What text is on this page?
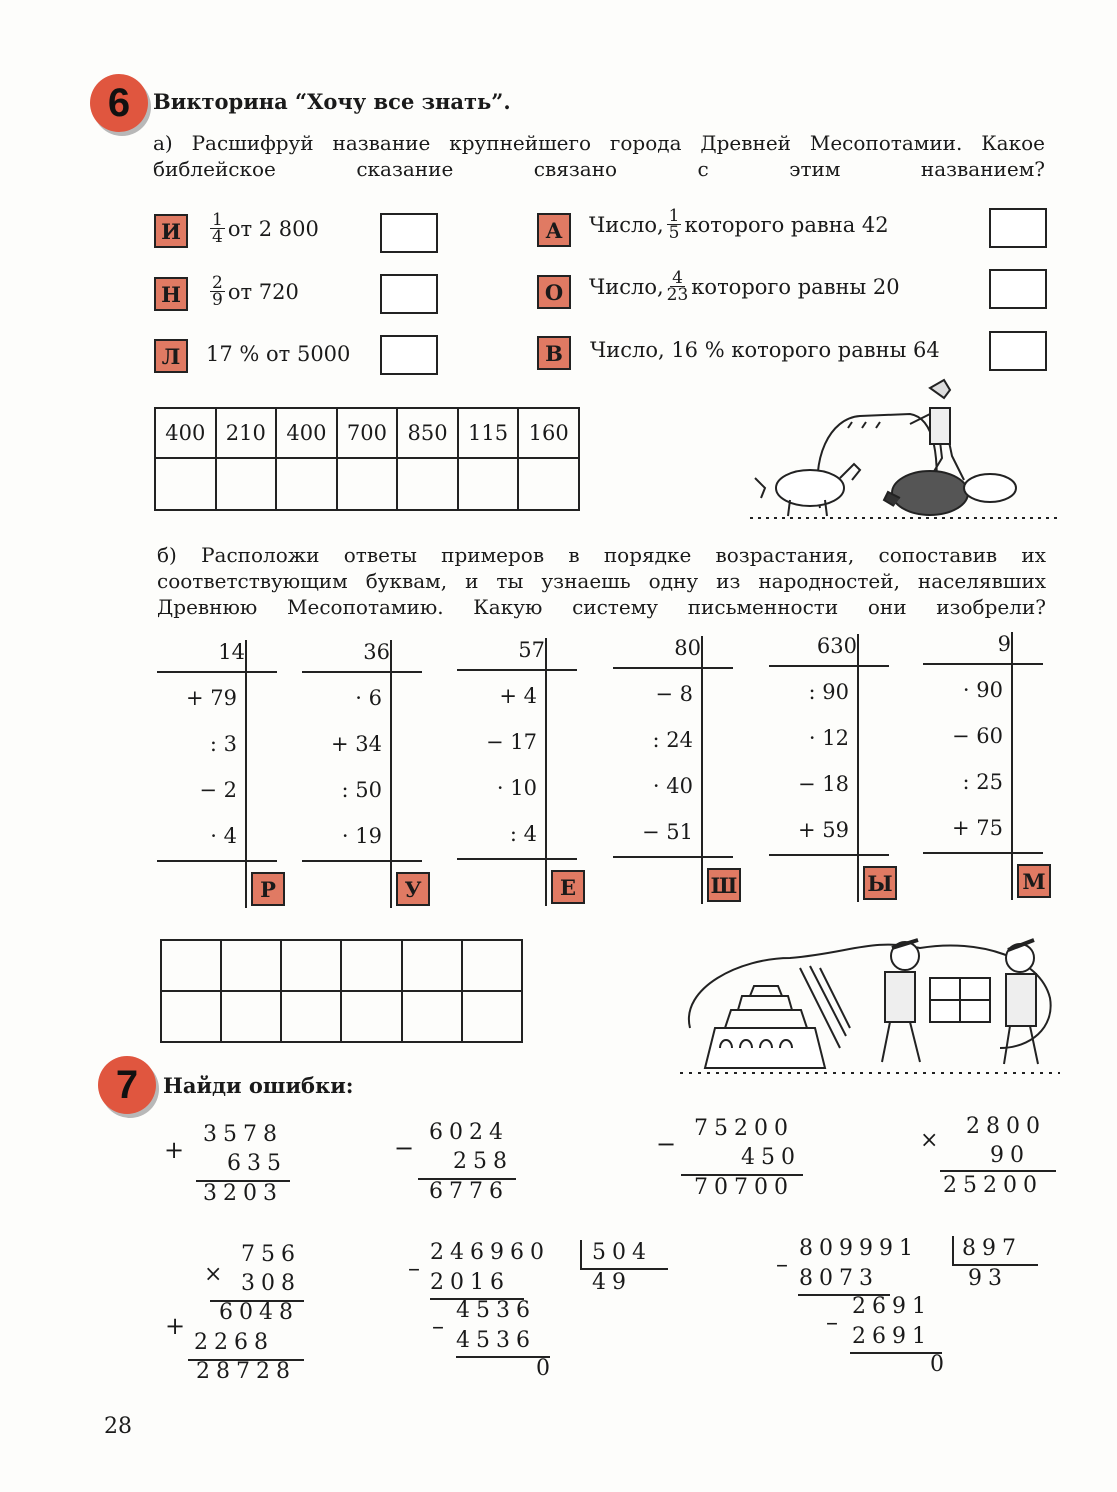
6 Викторина “Хочу все знать”.
а) Расшифруй название крупнейшего города Древней Месопотамии. Какое библейское сказание связано с этим названием?
И	$\frac{1}{4}$ от 2 800
Н	$\frac{2}{9}$ от 720
Л	17 % от 5000
А	Число, $\frac{1}{5}$ которого равна 42
О	Число, $\frac{4}{23}$ которого равны 20
В	Число, 16 % которого равны 64
400	210	400	700	850	115	160

б) Расположи ответы примеров в порядке возрастания, сопоставив их соответствующим буквам, и ты узнаешь одну из народностей, населявших Древнюю Месопотамию. Какую систему письменности они изобрели?
14
+ 79
: 3
− 2
· 4
Р
36
· 6
+ 34
: 50
· 19
У
57
+ 4
− 17
· 10
: 4
Е
80
− 8
: 24
· 40
− 51
Ш
630
: 90
· 12
− 18
+ 59
Ы
9
· 90
− 60
: 25
+ 75
М

7 Найди ошибки:
+
3578
635
3203
−
6024
258
6776
−
75200
450
70700
×
2800
90
25200
756
× 308
6048
+
2268
28728
–
246960 504
49
2016
–
4536
4536
0
–
809991 897
93
8073
–
2691
2691
0
28
